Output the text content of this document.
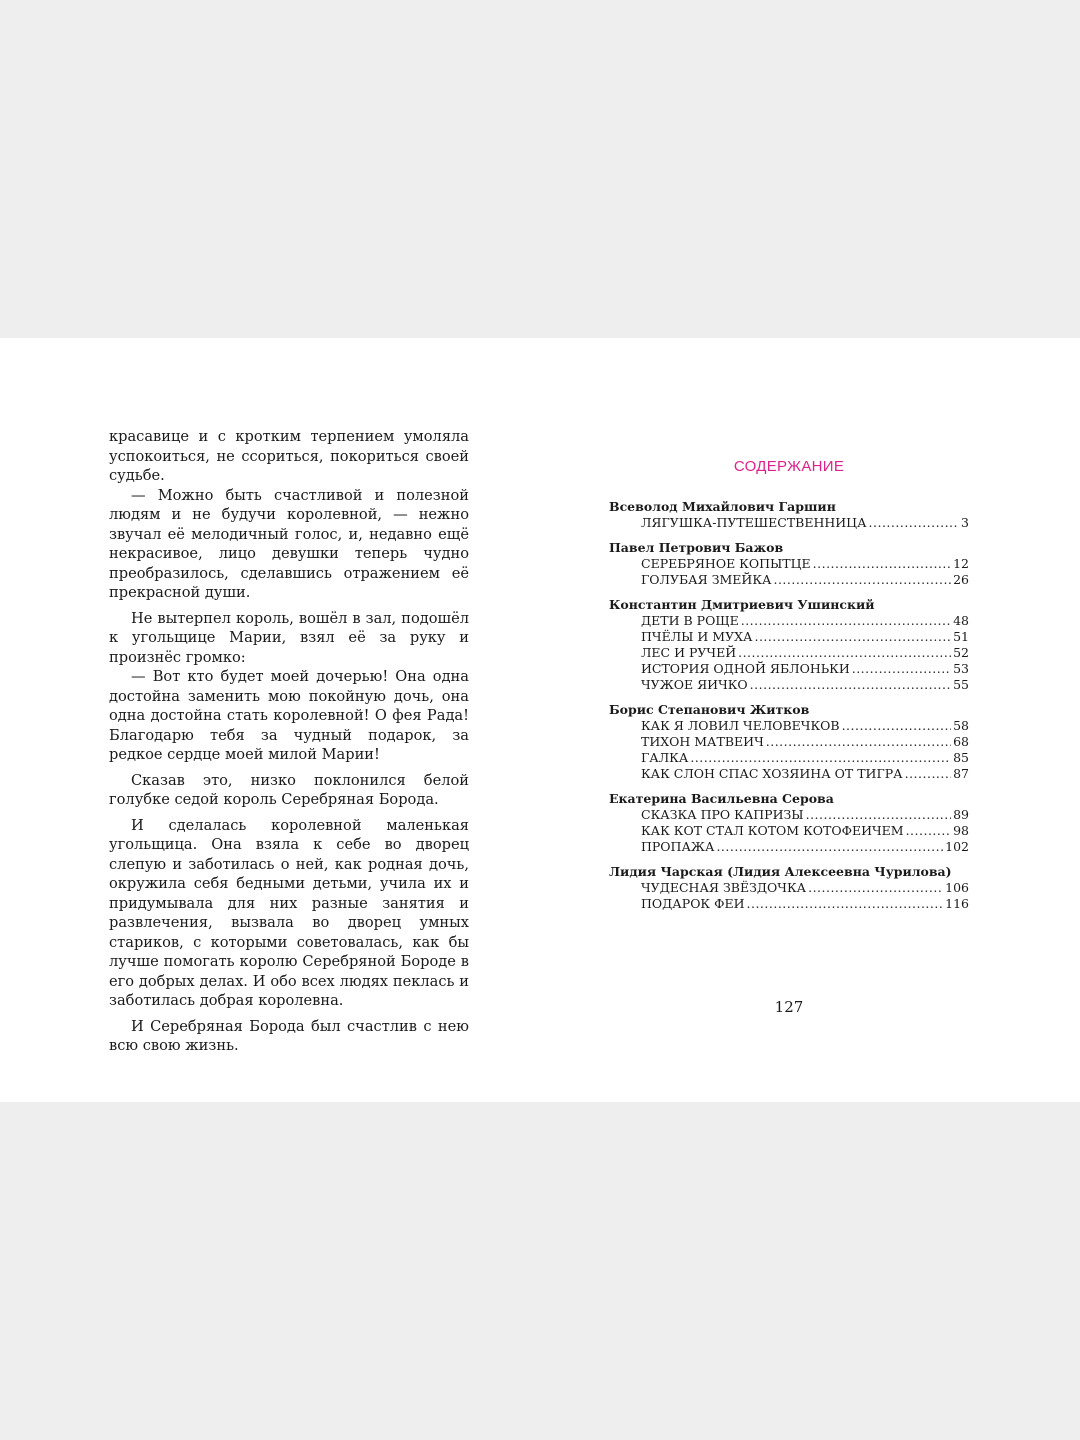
красавице и с кротким терпением умоляла успокоиться, не ссориться, покориться своей судьбе.

— Можно быть счастливой и полезной людям и не будучи королевной, — нежно звучал её мелодичный голос, и, недавно ещё некрасивое, лицо девушки теперь чудно преобразилось, сделавшись отражением её прекрасной души.

Не вытерпел король, вошёл в зал, подошёл к угольщице Марии, взял её за руку и произнёс громко:

— Вот кто будет моей дочерью! Она одна достойна заменить мою покойную дочь, она одна достойна стать королевной! О фея Рада! Благодарю тебя за чудный подарок, за редкое сердце моей милой Марии!

Сказав это, низко поклонился белой голубке седой король Серебряная Борода.

И сделалась королевной маленькая угольщица. Она взяла к себе во дворец слепую и заботилась о ней, как родная дочь, окружила себя бедными детьми, учила их и придумывала для них разные занятия и развлечения, вызвала во дворец умных стариков, с которыми советовалась, как бы лучше помогать королю Серебряной Бороде в его добрых делах. И обо всех людях пеклась и заботилась добрая королевна.

И Серебряная Борода был счастлив с нею всю свою жизнь.

СОДЕРЖАНИЕ
Всеволод Михайлович Гаршин
ЛЯГУШКА-ПУТЕШЕСТВЕННИЦА .....	3
Павел Петрович Бажов
СЕРЕБРЯНОЕ КОПЫТЦЕ .....	12
ГОЛУБАЯ ЗМЕЙКА .....	26
Константин Дмитриевич Ушинский
ДЕТИ В РОЩЕ .....	48
ПЧЁЛЫ И МУХА .....	51
ЛЕС И РУЧЕЙ .....	52
ИСТОРИЯ ОДНОЙ ЯБЛОНЬКИ .....	53
ЧУЖОЕ ЯИЧКО .....	55
Борис Степанович Житков
КАК Я ЛОВИЛ ЧЕЛОВЕЧКОВ .....	58
ТИХОН МАТВЕИЧ .....	68
ГАЛКА .....	85
КАК СЛОН СПАС ХОЗЯИНА ОТ ТИГРА .....	87
Екатерина Васильевна Серова
СКАЗКА ПРО КАПРИЗЫ .....	89
КАК КОТ СТАЛ КОТОМ КОТОФЕИЧЕМ .....	98
ПРОПАЖА .....	102
Лидия Чарская (Лидия Алексеевна Чурилова)
ЧУДЕСНАЯ ЗВЁЗДОЧКА .....	106
ПОДАРОК ФЕИ .....	116
127
